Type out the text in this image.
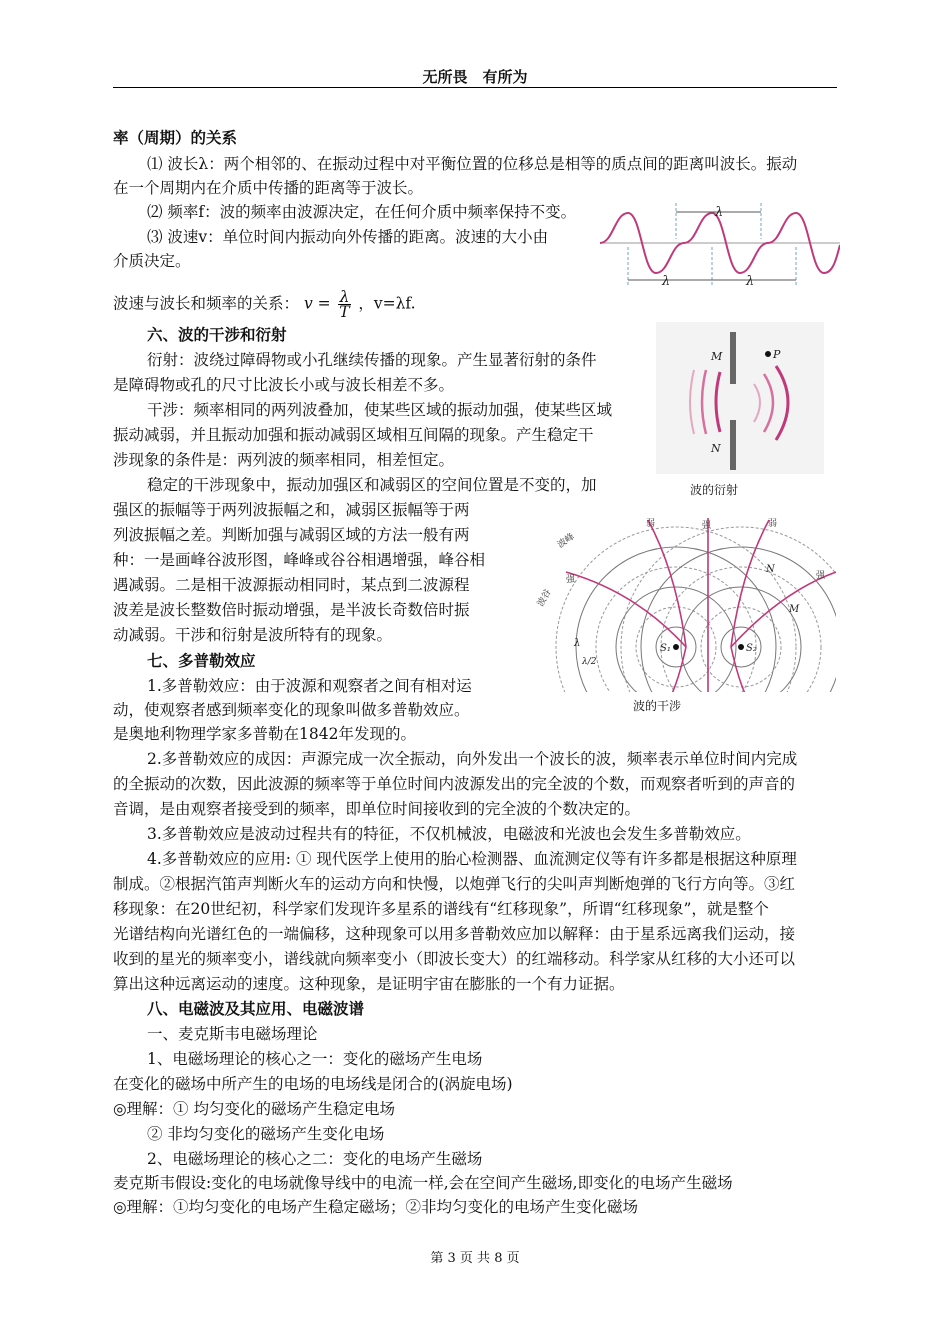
无所畏　有所为
率（周期）的关系
⑴ 波长λ：两个相邻的、在振动过程中对平衡位置的位移总是相等的质点间的距离叫波长。振动
在一个周期内在介质中传播的距离等于波长。
⑵ 频率f：波的频率由波源决定，在任何介质中频率保持不变。
⑶ 波速v：单位时间内振动向外传播的距离。波速的大小由
介质决定。
波速与波长和频率的关系： $v = \frac{\lambda}{T}$ ，v=λf.
六、波的干涉和衍射
衍射：波绕过障碍物或小孔继续传播的现象。产生显著衍射的条件
是障碍物或孔的尺寸比波长小或与波长相差不多。
干涉：频率相同的两列波叠加，使某些区域的振动加强，使某些区域
振动减弱，并且振动加强和振动减弱区域相互间隔的现象。产生稳定干
涉现象的条件是：两列波的频率相同，相差恒定。
稳定的干涉现象中，振动加强区和减弱区的空间位置是不变的，加
强区的振幅等于两列波振幅之和，减弱区振幅等于两
列波振幅之差。判断加强与减弱区域的方法一般有两
种：一是画峰谷波形图，峰峰或谷谷相遇增强，峰谷相
遇减弱。二是相干波源振动相同时，某点到二波源程
波差是波长整数倍时振动增强，是半波长奇数倍时振
动减弱。干涉和衍射是波所特有的现象。
七、多普勒效应
1.多普勒效应：由于波源和观察者之间有相对运
动，使观察者感到频率变化的现象叫做多普勒效应。
是奥地利物理学家多普勒在1842年发现的。
2.多普勒效应的成因：声源完成一次全振动，向外发出一个波长的波，频率表示单位时间内完成
的全振动的次数，因此波源的频率等于单位时间内波源发出的完全波的个数，而观察者听到的声音的
音调，是由观察者接受到的频率，即单位时间接收到的完全波的个数决定的。
3.多普勒效应是波动过程共有的特征，不仅机械波，电磁波和光波也会发生多普勒效应。
4.多普勒效应的应用: ① 现代医学上使用的胎心检测器、血流测定仪等有许多都是根据这种原理
制成。②根据汽笛声判断火车的运动方向和快慢，以炮弹飞行的尖叫声判断炮弹的飞行方向等。③红
移现象：在20世纪初，科学家们发现许多星系的谱线有“红移现象”，所谓“红移现象”，就是整个
光谱结构向光谱红色的一端偏移，这种现象可以用多普勒效应加以解释：由于星系远离我们运动，接
收到的星光的频率变小，谱线就向频率变小（即波长变大）的红端移动。科学家从红移的大小还可以
算出这种远离运动的速度。这种现象，是证明宇宙在膨胀的一个有力证据。
八、电磁波及其应用、电磁波谱
一、麦克斯韦电磁场理论
1、电磁场理论的核心之一：变化的磁场产生电场
在变化的磁场中所产生的电场的电场线是闭合的(涡旋电场)
◎理解：① 均匀变化的磁场产生稳定电场
② 非均匀变化的磁场产生变化电场
2、电磁场理论的核心之二：变化的电场产生磁场
麦克斯韦假设:变化的电场就像导线中的电流一样,会在空间产生磁场,即变化的电场产生磁场
◎理解：①均匀变化的电场产生稳定磁场；②非均匀变化的电场产生变化磁场
λ
λ	λ
M
N
P
波的衍射
S₁	S₂
M
N
强
弱	弱
强
强
波峰
波谷
λ
λ/2
波的干涉
第 3 页 共 8 页
